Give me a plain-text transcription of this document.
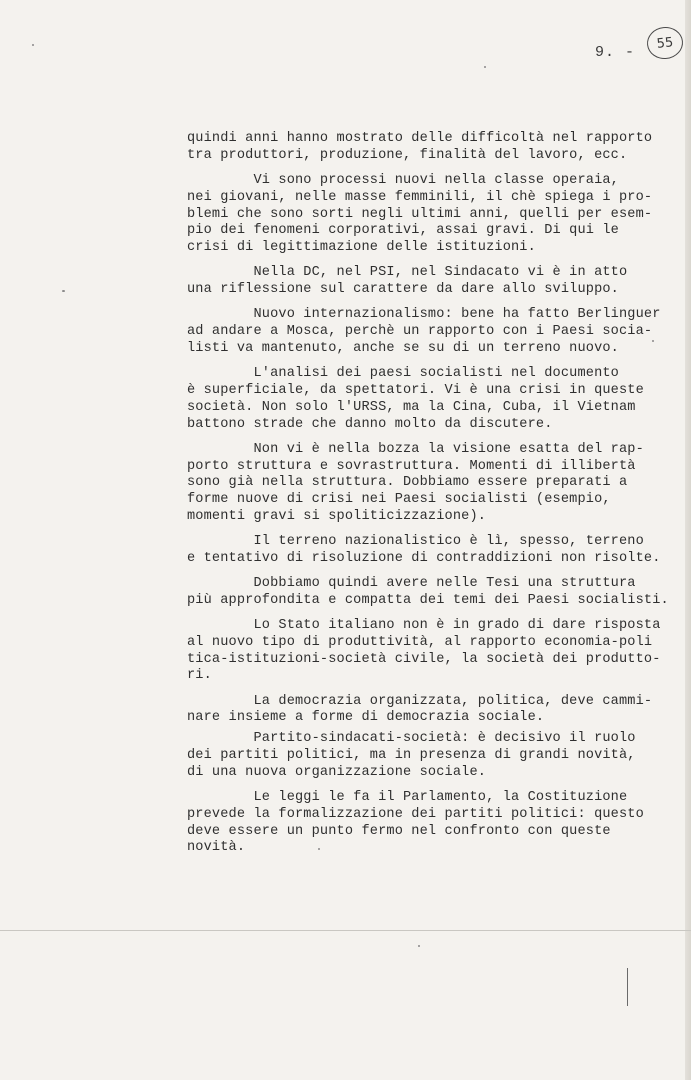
9. -
55
quindi anni hanno mostrato delle difficoltà nel rapporto
tra produttori, produzione, finalità del lavoro, ecc.
Vi sono processi nuovi nella classe operaia,
nei giovani, nelle masse femminili, il chè spiega i pro-
blemi che sono sorti negli ultimi anni, quelli per esem-
pio dei fenomeni corporativi, assai gravi. Di qui le
crisi di legittimazione delle istituzioni.
Nella DC, nel PSI, nel Sindacato vi è in atto
una riflessione sul carattere da dare allo sviluppo.
Nuovo internazionalismo: bene ha fatto Berlinguer
ad andare a Mosca, perchè un rapporto con i Paesi socia-
listi va mantenuto, anche se su di un terreno nuovo.
L'analisi dei paesi socialisti nel documento
è superficiale, da spettatori. Vi è una crisi in queste
società. Non solo l'URSS, ma la Cina, Cuba, il Vietnam
battono strade che danno molto da discutere.
Non vi è nella bozza la visione esatta del rap-
porto struttura e sovrastruttura. Momenti di illibertà
sono già nella struttura. Dobbiamo essere preparati a
forme nuove di crisi nei Paesi socialisti (esempio,
momenti gravi si spoliticizzazione).
Il terreno nazionalistico è lì, spesso, terreno
e tentativo di risoluzione di contraddizioni non risolte.
Dobbiamo quindi avere nelle Tesi una struttura
più approfondita e compatta dei temi dei Paesi socialisti.
Lo Stato italiano non è in grado di dare risposta
al nuovo tipo di produttività, al rapporto economia-poli
tica-istituzioni-società civile, la società dei produtto-
ri.
La democrazia organizzata, politica, deve cammi-
nare insieme a forme di democrazia sociale.
Partito-sindacati-società: è decisivo il ruolo
dei partiti politici, ma in presenza di grandi novità,
di una nuova organizzazione sociale.
Le leggi le fa il Parlamento, la Costituzione
prevede la formalizzazione dei partiti politici: questo
deve essere un punto fermo nel confronto con queste
novità.
